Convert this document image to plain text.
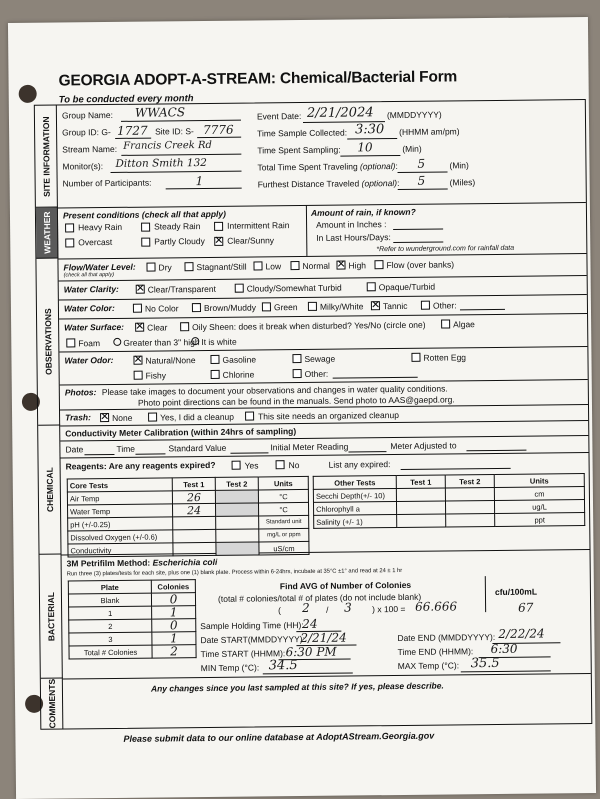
GEORGIA ADOPT-A-STREAM: Chemical/Bacterial Form
To be conducted every month
SITE INFORMATION
WEATHER
OBSERVATIONS
CHEMICAL
BACTERIAL
COMMENTS
Group Name: WWACS
Group ID: G- 1727 Site ID: S- 7776
Stream Name: Francis Creek Rd
Monitor(s): Ditton Smith 132
Number of Participants:	1
Event Date: 2/21/2024 (MMDDYYYY)
Time Sample Collected: 3:30 (HHMM am/pm)
Time Spent Sampling: 10	(Min)
Total Time Spent Traveling (optional): 5	(Min)
Furthest Distance Traveled (optional): 5	(Miles)
Present conditions (check all that apply)
Heavy Rain	Steady Rain	Intermittent Rain
Overcast	Partly Cloudy ✕	Clear/Sunny
Amount of rain, if known?
Amount in Inches :
In Last Hours/Days:
*Refer to wunderground.com for rainfall data
Flow/Water Level:
(check all that apply)
Dry	Stagnant/Still Low	Normal ✕ High Flow (over banks)
Water Clarity: ✕	Clear/Transparent	Cloudy/Somewhat Turbid	Opaque/Turbid
Water Color:	No Color	Brown/Muddy Green	Milky/White ✕ Tannic	Other:
Water Surface: ✕	Clear	Oily Sheen: does it break when disturbed? Yes/No (circle one)	Algae
Foam	Greater than 3" high It is white
Water Odor: ✕	Natural/None	Gasoline	Sewage	Rotten Egg
Fishy	Chlorine	Other:
Photos: Please take images to document your observations and changes in water quality conditions.
Photo point directions can be found in the manuals. Send photo to AAS@gaepd.org.
Trash: ✕ None	Yes, I did a cleanup	This site needs an organized cleanup
Conductivity Meter Calibration (within 24hrs of sampling)
Date	Time	Standard Value	Initial Meter Reading	Meter Adjusted to
Reagents: Are any reagents expired?	Yes	No	List any expired:
Core Tests	Test 1	Test 2	Units
Air Temp	26		°C
Water Temp	24		°C
pH (+/-0.25)			Standard unit
Dissolved Oxygen (+/-0.6)			mg/L or ppm
Conductivity			uS/cm
Other Tests	Test 1	Test 2	Units
Secchi Depth(+/- 10)			cm
Chlorophyll a			ug/L
Salinity (+/- 1)			ppt
3M Petrifilm Method: Escherichia coli
Run three (3) plates/tests for each site, plus one (1) blank plate. Process within 6-24hrs, incubate at 35°C ±1° and read at 24 ± 1 hr
Plate	Colonies
Blank	0
1	1
2	0
3	1
Total # Colonies	2
Find AVG of Number of Colonies
(total # colonies/total # of plates (do not include blank)	cfu/100mL
( 2 / 3 ) x 100 = 66.666	67
Sample Holding Time (HH):
24
Date START(MMDDYYYY):
2/21/24
Time START (HHMM): 6:30 PM
MIN Temp (°C): 34.5
Date END (MMDDYYYY): 2/22/24
Time END (HHMM): 6:30
MAX Temp (°C): 35.5
Any changes since you last sampled at this site? If yes, please describe.
Please submit data to our online database at AdoptAStream.Georgia.gov
